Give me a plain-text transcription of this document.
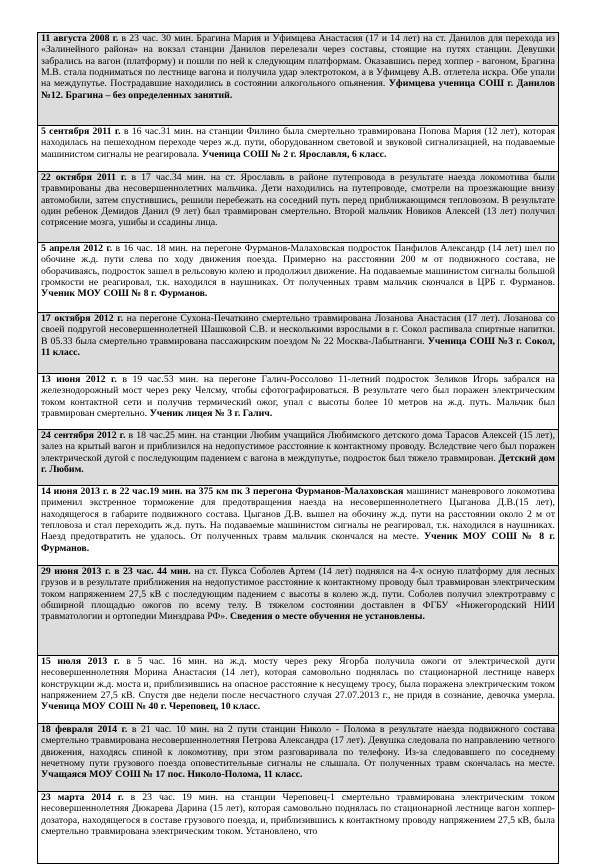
11 августа 2008 г. в 23 час. 30 мин. Брагина Мария и Уфимцева Анастасия (17 и 14 лет) на ст. Данилов для перехода из «Залинейного района» на вокзал станции Данилов перелезали через составы, стоящие на путях станции. Девушки забрались на вагон (платформу) и пошли по ней к следующим платформам. Оказавшись перед хоппер - вагоном, Брагина М.В. стала подниматься по лестнице вагона и получила удар электротоком, а в Уфимцеву А.В. отлетела искра. Обе упали на междупутье. Пострадавшие находились в состоянии алкогольного опьянения. Уфимцева ученица СОШ г. Данилов №12. Брагина – без определенных занятий.
5 сентября 2011 г. в 16 час.31 мин. на станции Филино была смертельно травмирована Попова Мария (12 лет), которая находилась на пешеходном переходе через ж.д. пути, оборудованном световой и звуковой сигнализацией, на подаваемые машинистом сигналы не реагировала. Ученица СОШ № 2 г. Ярославля, 6 класс.
22 октября 2011 г. в 17 час.34 мин. на ст. Ярославль в районе путепровода в результате наезда локомотива были травмированы два несовершеннолетних мальчика. Дети находились на путепроводе, смотрели на проезжающие внизу автомобили, затем спустившись, решили перебежать на соседний путь перед приближающимся тепловозом. В результате один ребенок Демидов Данил (9 лет) был травмирован смертельно. Второй мальчик Новиков Алексей (13 лет) получил сотрясение мозга, ушибы и ссадины лица.
5 апреля 2012 г. в 16 час. 18 мин. на перегоне Фурманов-Малаховская подросток Панфилов Александр (14 лет) шел по обочине ж.д. пути слева по ходу движения поезда. Примерно на расстоянии 200 м от подвижного состава, не оборачиваясь, подросток зашел в рельсовую колею и продолжил движение. На подаваемые машинистом сигналы большой громкости не реагировал, т.к. находился в наушниках. От полученных травм мальчик скончался в ЦРБ г. Фурманов. Ученик МОУ СОШ № 8 г. Фурманов.
17 октября 2012 г. на перегоне Сухона-Печаткино смертельно травмирована Лозанова Анастасия (17 лет). Лозанова со своей подругой несовершеннолетней Шашковой С.В. и несколькими взрослыми в г. Сокол распивала спиртные напитки. В 05.33 была смертельно травмирована пассажирским поездом № 22 Москва-Лабытнанги. Ученица СОШ №3 г. Сокол, 11 класс.
13 июня 2012 г. в 19 час.53 мин. на перегоне Галич-Россолово 11-летний подросток Зеликов Игорь забрался на железнодорожный мост через реку Челсму, чтобы сфотографироваться. В результате чего был поражен электрическим током контактной сети и получив термический ожог, упал с высоты более 10 метров на ж.д. путь. Мальчик был травмирован смертельно. Ученик лицея № 3 г. Галич.
24 сентября 2012 г. в 18 час.25 мин. на станции Любим учащийся Любимского детского дома Тарасов Алексей (15 лет), залез на крытый вагон и приблизился на недопустимое расстояние к контактному проводу. Вследствие чего был поражен электрической дугой с последующим падением с вагона в междупутье, подросток был тяжело травмирован. Детский дом г. Любим.
14 июня 2013 г. в 22 час.19 мин. на 375 км пк 3 перегона Фурманов-Малаховская машинист маневрового локомотива применил экстренное торможение для предотвращения наезда на несовершеннолетнего Цыганова Д.В.(15 лет), находящегося в габарите подвижного состава. Цыганов Д.В. вышел на обочину ж.д. пути на расстоянии около 2 м от тепловоза и стал переходить ж.д. путь. На подаваемые машинистом сигналы не реагировал, т.к. находился в наушниках. Наезд предотвратить не удалось. От полученных травм мальчик скончался на месте. Ученик МОУ СОШ № 8 г. Фурманов.
29 июня 2013 г. в 23 час. 44 мин. на ст. Пукса Соболев Артем (14 лет) поднялся на 4-х осную платформу для лесных грузов и в результате приближения на недопустимое расстояние к контактному проводу был травмирован электрическим током напряжением 27,5 кВ с последующим падением с высоты в колею ж.д. пути. Соболев получил электротравму с обширной площадью ожогов по всему телу. В тяжелом состоянии доставлен в ФГБУ «Нижегородский НИИ травматологии и ортопедии Минздрава РФ». Сведения о месте обучения не установлены.
15 июля 2013 г. в 5 час. 16 мин. на ж.д. мосту через реку Ягорба получила ожоги от электрической дуги несовершеннолетняя Морина Анастасия (14 лет), которая самовольно поднялась по стационарной лестнице наверх конструкции ж.д. моста и, приблизившись на опасное расстояние к несущему тросу, была поражена электрическим током напряжением 27,5 кВ. Спустя две недели после несчастного случая 27.07.2013 г., не придя в сознание, девочка умерла. Ученица МОУ СОШ № 40 г. Череповец, 10 класс.
18 февраля 2014 г. в 21 час. 10 мин. на 2 пути станции Николо - Полома в результате наезда подвижного состава смертельно травмирована несовершеннолетняя Петрова Александра (17 лет). Девушка следовала по направлению четного движения, находясь спиной к локомотиву, при этом разговаривала по телефону. Из-за следовавшего по соседнему нечетному пути грузового поезда оповестительные сигналы не слышала. От полученных травм скончалась на месте. Учащаяся МОУ СОШ № 17 пос. Николо-Полома, 11 класс.
23 марта 2014 г. в 23 час. 19 мин. на станции Череповец-1 смертельно травмирована электрическим током несовершеннолетняя Дюкарева Дарина (15 лет), которая самовольно поднялась по стационарной лестнице вагон хоппер-дозатора, находящегося в составе грузового поезда, и, приблизившись к контактному проводу напряжением 27,5 кВ, была смертельно травмирована электрическим током. Установлено, что
